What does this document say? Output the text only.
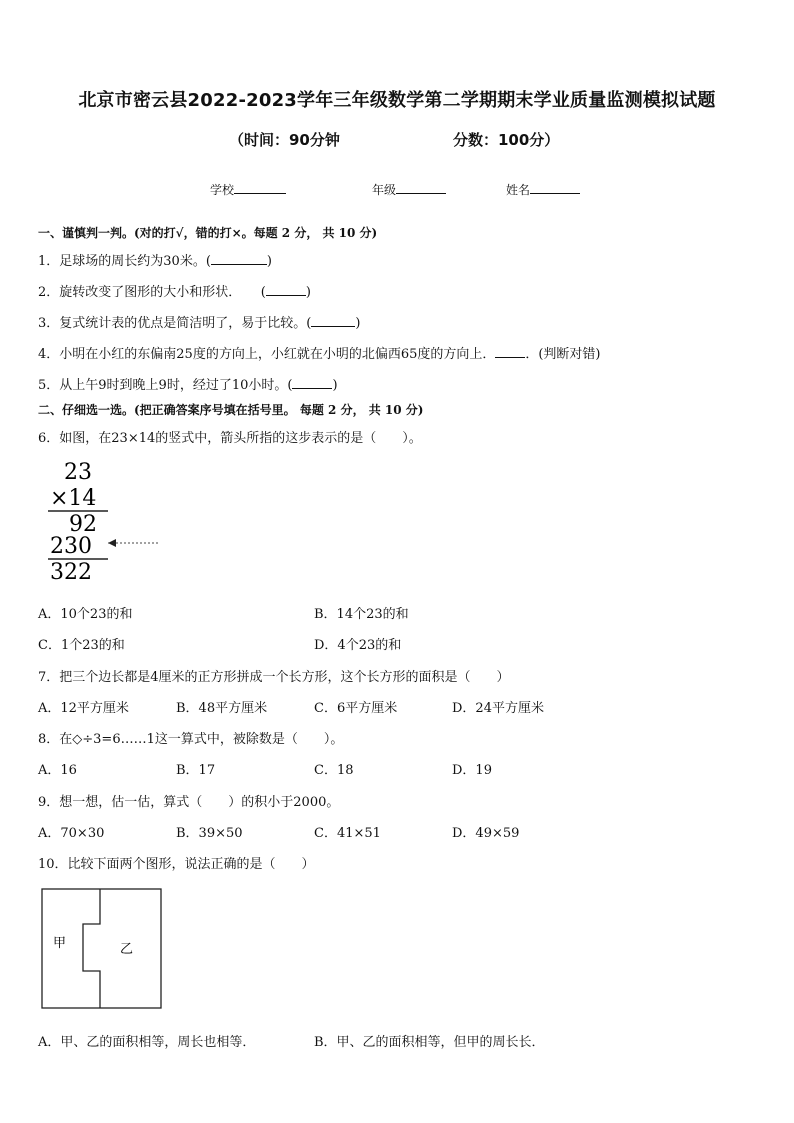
北京市密云县2022-2023学年三年级数学第二学期期末学业质量监测模拟试题
（时间：90分钟	分数：100分）
学校	年级	姓名
一、谨慎判一判。(对的打√，错的打×。每题 2 分， 共 10 分)
1．足球场的周长约为30米。(	)
2．旋转改变了图形的大小和形状．　　(	)
3．复式统计表的优点是简洁明了，易于比较。(	)
4．小明在小红的东偏南25度的方向上，小红就在小明的北偏西65度的方向上． ．(判断对错)
5．从上午9时到晚上9时，经过了10小时。(	)
二、仔细选一选。(把正确答案序号填在括号里。 每题 2 分， 共 10 分)
6．如图，在23×14的竖式中，箭头所指的这步表示的是（　　）。
23
×14
92
230
322
A．10个23的和	B．14个23的和
C．1个23的和	D．4个23的和
7．把三个边长都是4厘米的正方形拼成一个长方形，这个长方形的面积是（　　）
A．12平方厘米	B．48平方厘米	C．6平方厘米	D．24平方厘米
8．在◇÷3=6……1这一算式中，被除数是（　　）。
A．16	B．17	C．18	D．19
9．想一想，估一估，算式（　　）的积小于2000。
A．70×30	B．39×50	C．41×51	D．49×59
10．比较下面两个图形，说法正确的是（　　）
甲	乙
A．甲、乙的面积相等，周长也相等．	B．甲、乙的面积相等，但甲的周长长．
